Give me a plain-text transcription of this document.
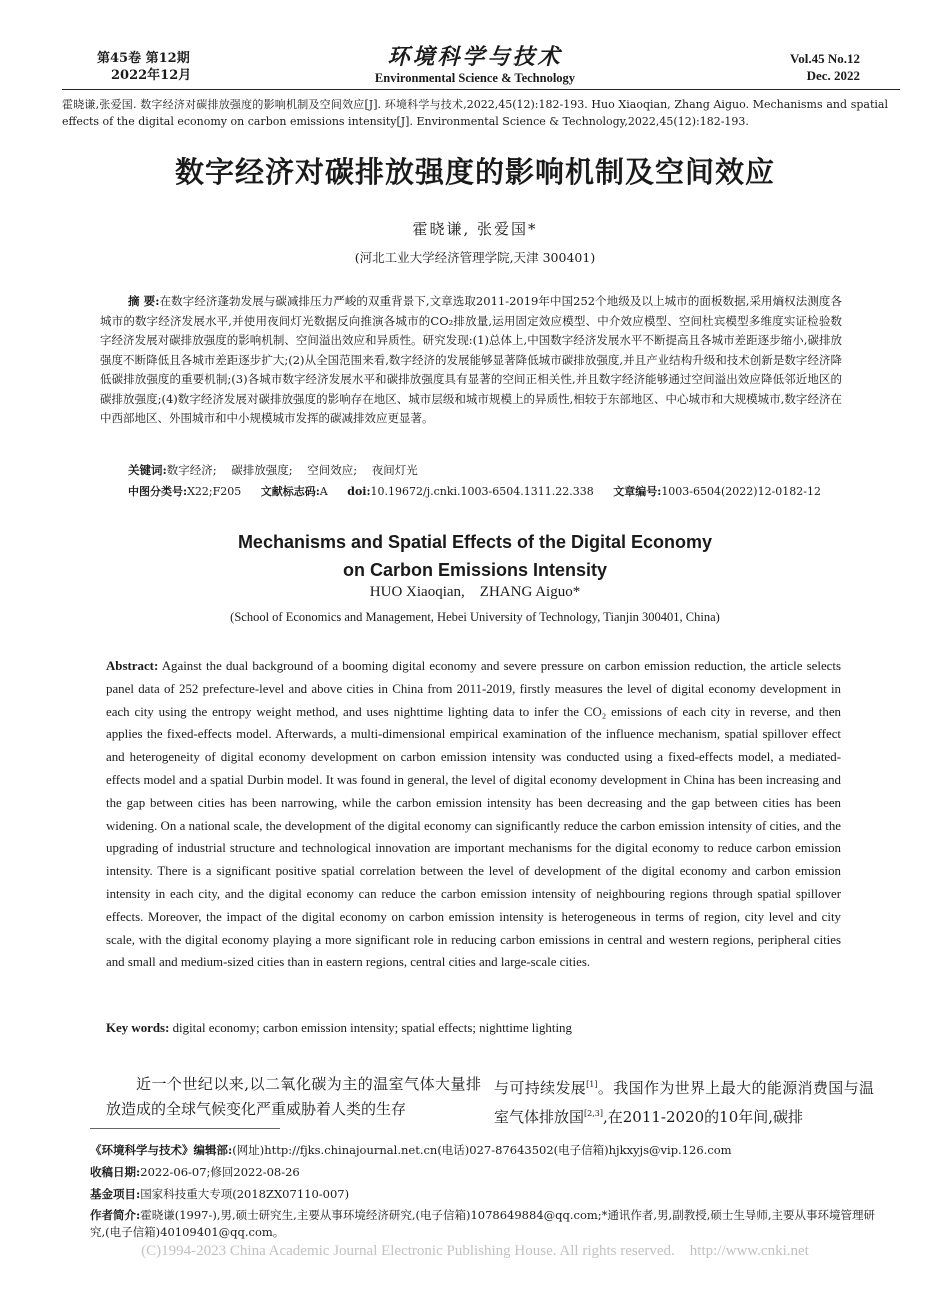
第45卷 第12期
2022年12月
环境科学与技术
Environmental Science & Technology
Vol.45 No.12
Dec. 2022
霍晓谦,张爱国. 数字经济对碳排放强度的影响机制及空间效应[J]. 环境科学与技术,2022,45(12):182-193. Huo Xiaoqian, Zhang Aiguo. Mechanisms and spatial effects of the digital economy on carbon emissions intensity[J]. Environmental Science & Technology,2022,45(12):182-193.
数字经济对碳排放强度的影响机制及空间效应
霍晓谦, 张爱国*
(河北工业大学经济管理学院,天津 300401)
摘 要:在数字经济蓬勃发展与碳减排压力严峻的双重背景下,文章选取2011-2019年中国252个地级及以上城市的面板数据,采用熵权法测度各城市的数字经济发展水平,并使用夜间灯光数据反向推演各城市的CO₂排放量,运用固定效应模型、中介效应模型、空间杜宾模型多维度实证检验数字经济发展对碳排放强度的影响机制、空间溢出效应和异质性。研究发现:(1)总体上,中国数字经济发展水平不断提高且各城市差距逐步缩小,碳排放强度不断降低且各城市差距逐步扩大;(2)从全国范围来看,数字经济的发展能够显著降低城市碳排放强度,并且产业结构升级和技术创新是数字经济降低碳排放强度的重要机制;(3)各城市数字经济发展水平和碳排放强度具有显著的空间正相关性,并且数字经济能够通过空间溢出效应降低邻近地区的碳排放强度;(4)数字经济发展对碳排放强度的影响存在地区、城市层级和城市规模上的异质性,相较于东部地区、中心城市和大规模城市,数字经济在中西部地区、外围城市和中小规模城市发挥的碳减排效应更显著。
关键词:数字经济;    碳排放强度;    空间效应;    夜间灯光
中图分类号:X22;F205 文献标志码:A doi:10.19672/j.cnki.1003-6504.1311.22.338 文章编号:1003-6504(2022)12-0182-12
Mechanisms and Spatial Effects of the Digital Economy
on Carbon Emissions Intensity
HUO Xiaoqian,    ZHANG Aiguo*
(School of Economics and Management, Hebei University of Technology, Tianjin 300401, China)
Abstract: Against the dual background of a booming digital economy and severe pressure on carbon emission reduction, the article selects panel data of 252 prefecture-level and above cities in China from 2011-2019, firstly measures the level of digital economy development in each city using the entropy weight method, and uses nighttime lighting data to infer the CO₂ emissions of each city in reverse, and then applies the fixed-effects model. Afterwards, a multi-dimensional empirical examination of the influence mechanism, spatial spillover effect and heterogeneity of digital economy development on carbon emission intensity was conducted using a fixed-effects model, a mediated-effects model and a spatial Durbin model. It was found in general, the level of digital economy development in China has been increasing and the gap between cities has been narrowing, while the carbon emission intensity has been decreasing and the gap between cities has been widening. On a national scale, the development of the digital economy can significantly reduce the carbon emission intensity of cities, and the upgrading of industrial structure and technological innovation are important mechanisms for the digital economy to reduce carbon emission intensity. There is a significant positive spatial correlation between the level of development of the digital economy and carbon emission intensity in each city, and the digital economy can reduce the carbon emission intensity of neighbouring regions through spatial spillover effects. Moreover, the impact of the digital economy on carbon emission intensity is heterogeneous in terms of region, city level and city scale, with the digital economy playing a more significant role in reducing carbon emissions in central and western regions, peripheral cities and small and medium-sized cities than in eastern regions, central cities and large-scale cities.
Key words: digital economy; carbon emission intensity; spatial effects; nighttime lighting

近一个世纪以来,以二氧化碳为主的温室气体大量排放造成的全球气候变化严重威胁着人类的生存

与可持续发展[1]。我国作为世界上最大的能源消费国与温室气体排放国[2,3],在2011-2020的10年间,碳排

《环境科学与技术》编辑部:(网址)http://fjks.chinajournal.net.cn(电话)027-87643502(电子信箱)hjkxyjs@vip.126.com
收稿日期:2022-06-07;修回2022-08-26
基金项目:国家科技重大专项(2018ZX07110-007)
作者简介:霍晓谦(1997-),男,硕士研究生,主要从事环境经济研究,(电子信箱)1078649884@qq.com;*通讯作者,男,副教授,硕士生导师,主要从事环境管理研究,(电子信箱)40109401@qq.com。
(C)1994-2023 China Academic Journal Electronic Publishing House. All rights reserved.    http://www.cnki.net
